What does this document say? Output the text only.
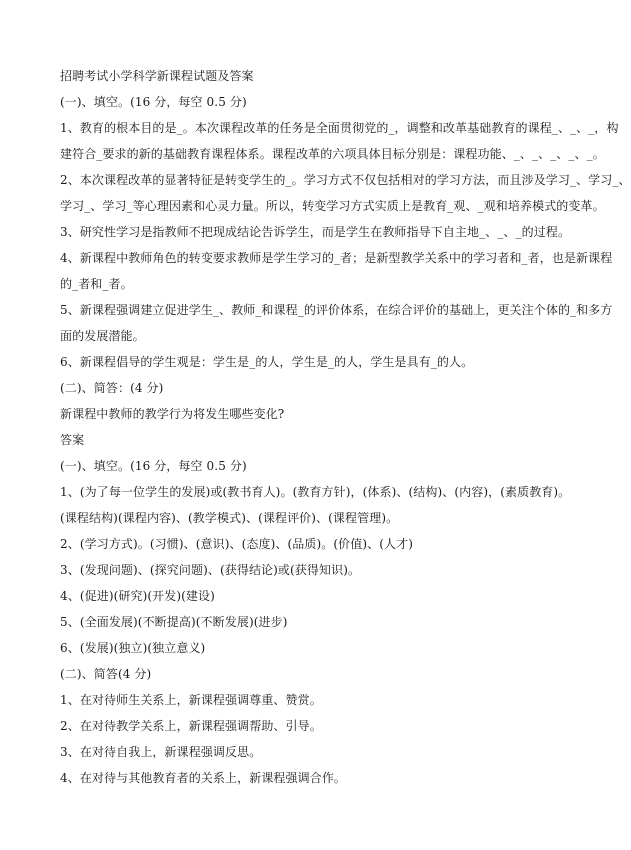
招聘考试小学科学新课程试题及答案
(一)、填空。(16 分，每空 0.5 分)
1、教育的根本目的是_。本次课程改革的任务是全面贯彻党的_，调整和改革基础教育的课程_、_、_，构
建符合_要求的新的基础教育课程体系。课程改革的六项具体目标分别是：课程功能、_、_、_、_、_。
2、本次课程改革的显著特征是转变学生的_。学习方式不仅包括相对的学习方法，而且涉及学习_、学习_、
学习_、学习_等心理因素和心灵力量。所以，转变学习方式实质上是教育_观、_观和培养模式的变革。
3、研究性学习是指教师不把现成结论告诉学生，而是学生在教师指导下自主地_、_、_的过程。
4、新课程中教师角色的转变要求教师是学生学习的_者；是新型教学关系中的学习者和_者，也是新课程
的_者和_者。
5、新课程强调建立促进学生_、教师_和课程_的评价体系，在综合评价的基础上，更关注个体的_和多方
面的发展潜能。
6、新课程倡导的学生观是：学生是_的人，学生是_的人，学生是具有_的人。
(二)、简答：(4 分)
新课程中教师的教学行为将发生哪些变化?
答案
(一)、填空。(16 分，每空 0.5 分)
1、(为了每一位学生的发展)或(教书育人)。(教育方针)，(体系)、(结构)、(内容)，(素质教育)。
(课程结构)(课程内容)、(教学模式)、(课程评价)、(课程管理)。
2、(学习方式)。(习惯)、(意识)、(态度)、(品质)。(价值)、(人才)
3、(发现问题)、(探究问题)、(获得结论)或(获得知识)。
4、(促进)(研究)(开发)(建设)
5、(全面发展)(不断提高)(不断发展)(进步)
6、(发展)(独立)(独立意义)
(二)、简答(4 分)
1、在对待师生关系上，新课程强调尊重、赞赏。
2、在对待教学关系上，新课程强调帮助、引导。
3、在对待自我上，新课程强调反思。
4、在对待与其他教育者的关系上，新课程强调合作。
